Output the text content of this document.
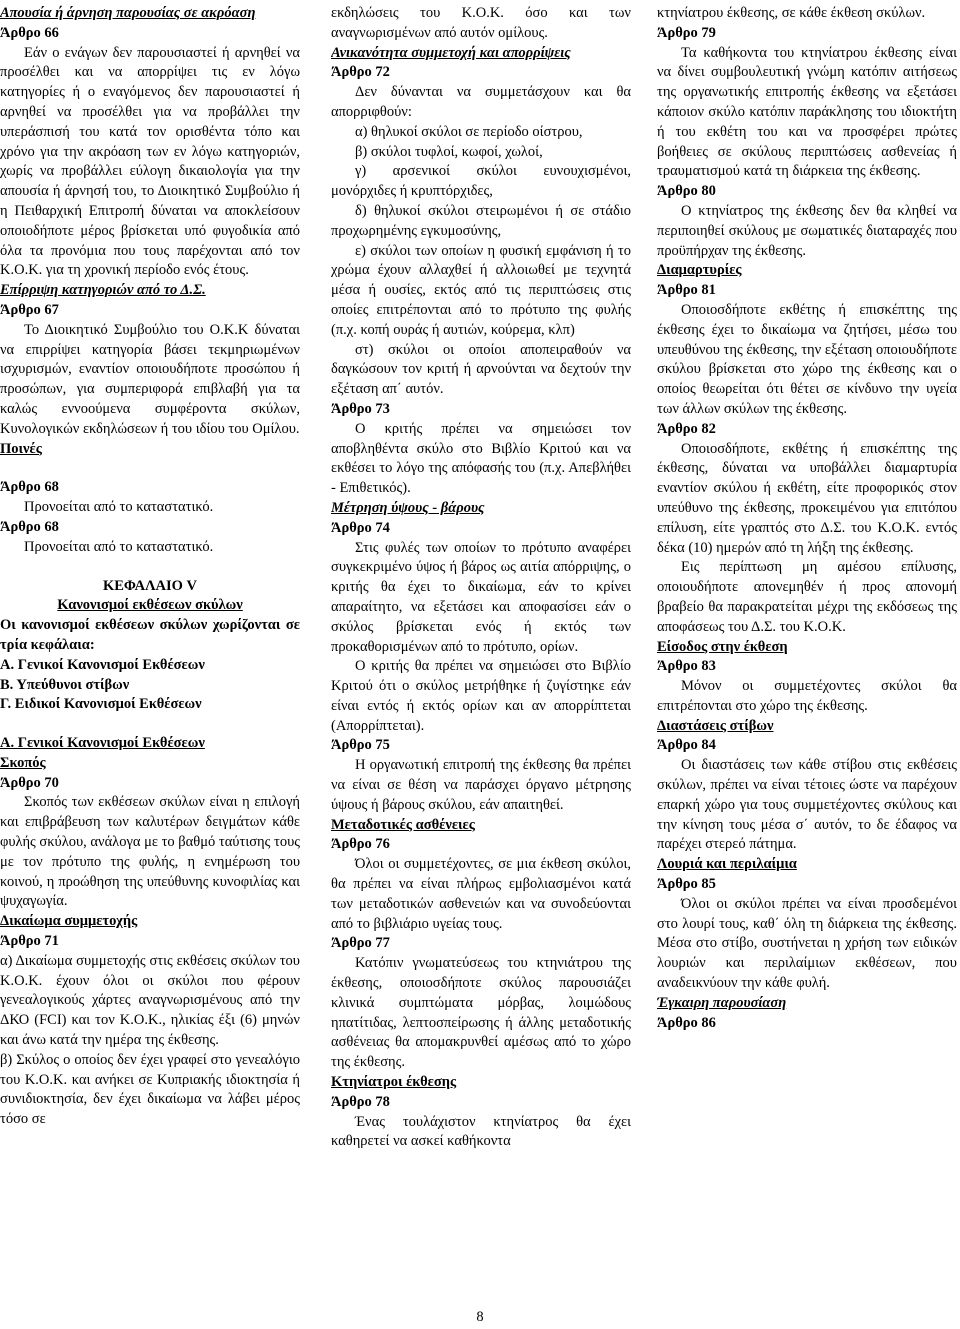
Απουσία ή άρνηση παρουσίας σε ακρόαση

Άρθρο 66

Εάν ο ενάγων δεν παρουσιαστεί ή αρνηθεί να προσέλθει και να απορρίψει τις εν λόγω κατηγορίες ή ο εναγόμενος δεν παρουσιαστεί ή αρνηθεί να προσέλθει για να προβάλλει την υπεράσπισή του κατά τον ορισθέντα τόπο και χρόνο για την ακρόαση των εν λόγω κατηγοριών, χωρίς να προβάλλει εύλογη δικαιολογία για την απουσία ή άρνησή του, το Διοικητικό Συμβούλιο ή η Πειθαρχική Επιτροπή δύναται να αποκλείσουν οποιοδήποτε μέρος βρίσκεται υπό φυγοδικία από όλα τα προνόμια που τους παρέχονται από τον Κ.Ο.Κ. για τη χρονική περίοδο ενός έτους.

Επίρριψη κατηγοριών από το Δ.Σ.

Άρθρο 67

Το Διοικητικό Συμβούλιο του Ο.Κ.Κ δύναται να επιρρίψει κατηγορία βάσει τεκμηριωμένων ισχυρισμών, εναντίον οποιουδήποτε προσώπου ή προσώπων, για συμπεριφορά επιβλαβή για τα καλώς εννοούμενα συμφέροντα σκύλων, Κυνολογικών εκδηλώσεων ή του ιδίου του Ομίλου.

Ποινές

Άρθρο 68

Προνοείται από το καταστατικό.

Άρθρο 68

Προνοείται από το καταστατικό.

ΚΕΦΑΛΑΙΟ V

Κανονισμοί εκθέσεων σκύλων

Οι κανονισμοί εκθέσεων σκύλων χωρίζονται σε τρία κεφάλαια:

Α. Γενικοί Κανονισμοί Εκθέσεων

Β. Υπεύθυνοι στίβων

Γ. Ειδικοί Κανονισμοί Εκθέσεων

Α. Γενικοί Κανονισμοί Εκθέσεων

Σκοπός

Άρθρο 70

Σκοπός των εκθέσεων σκύλων είναι η επιλογή και επιβράβευση των καλυτέρων δειγμάτων κάθε φυλής σκύλου, ανάλογα με το βαθμό ταύτισης τους με τον πρότυπο της φυλής, η ενημέρωση του κοινού, η προώθηση της υπεύθυνης κυνοφιλίας και ψυχαγωγία.

Δικαίωμα συμμετοχής

Άρθρο 71

α) Δικαίωμα συμμετοχής στις εκθέσεις σκύλων του Κ.Ο.Κ. έχουν όλοι οι σκύλοι που φέρουν γενεαλογικούς χάρτες αναγνωρισμένους από την ΔΚΟ (FCI) και τον Κ.Ο.Κ., ηλικίας έξι (6) μηνών και άνω κατά την ημέρα της έκθεσης.

β) Σκύλος ο οποίος δεν έχει γραφεί στο γενεαλόγιο του Κ.Ο.Κ. και ανήκει σε Κυπριακής ιδιοκτησία ή συνιδιοκτησία, δεν έχει δικαίωμα να λάβει μέρος τόσο σε

εκδηλώσεις του Κ.Ο.Κ. όσο και των αναγνωρισμένων από αυτόν ομίλους.

Ανικανότητα συμμετοχή και απορρίψεις

Άρθρο 72

Δεν δύνανται να συμμετάσχουν και θα απορριφθούν:

α) θηλυκοί σκύλοι σε περίοδο οίστρου,

β) σκύλοι τυφλοί, κωφοί, χωλοί,

γ) αρσενικοί σκύλοι ευνουχισμένοι, μονόρχιδες ή κρυπτόρχιδες,

δ) θηλυκοί σκύλοι στειρωμένοι ή σε στάδιο προχωρημένης εγκυμοσύνης,

ε) σκύλοι των οποίων η φυσική εμφάνιση ή το χρώμα έχουν αλλαχθεί ή αλλοιωθεί με τεχνητά μέσα ή ουσίες, εκτός από τις περιπτώσεις στις οποίες επιτρέπονται από το πρότυπο της φυλής (π.χ. κοπή ουράς ή αυτιών, κούρεμα, κλπ)

στ) σκύλοι οι οποίοι αποπειραθούν να δαγκώσουν τον κριτή ή αρνούνται να δεχτούν την εξέταση απ΄ αυτόν.

Άρθρο 73

Ο κριτής πρέπει να σημειώσει τον αποβληθέντα σκύλο στο Βιβλίο Κριτού και να εκθέσει το λόγο της απόφασής του (π.χ. Απεβλήθει - Επιθετικός).

Μέτρηση ύψους - βάρους

Άρθρο 74

Στις φυλές των οποίων το πρότυπο αναφέρει συγκεκριμένο ύψος ή βάρος ως αιτία απόρριψης, ο κριτής θα έχει το δικαίωμα, εάν το κρίνει απαραίτητο, να εξετάσει και αποφασίσει εάν ο σκύλος βρίσκεται ενός ή εκτός των προκαθορισμένων από το πρότυπο, ορίων.

Ο κριτής θα πρέπει να σημειώσει στο Βιβλίο Κριτού ότι ο σκύλος μετρήθηκε ή ζυγίστηκε εάν είναι εντός ή εκτός ορίων και αν απορρίπτεται (Απορρίπτεται).

Άρθρο 75

Η οργανωτική επιτροπή της έκθεσης θα πρέπει να είναι σε θέση να παράσχει όργανο μέτρησης ύψους ή βάρους σκύλου, εάν απαιτηθεί.

Μεταδοτικές ασθένειες

Άρθρο 76

Όλοι οι συμμετέχοντες, σε μια έκθεση σκύλοι, θα πρέπει να είναι πλήρως εμβολιασμένοι κατά των μεταδοτικών ασθενειών και να συνοδεύονται από το βιβλιάριο υγείας τους.

Άρθρο 77

Κατόπιν γνωματεύσεως του κτηνιάτρου της έκθεσης, οποιοσδήποτε σκύλος παρουσιάζει κλινικά συμπτώματα μόρβας, λοιμώδους ηπατίτιδας, λεπτοσπείρωσης ή άλλης μεταδοτικής ασθένειας θα απομακρυνθεί αμέσως από το χώρο της έκθεσης.

Κτηνίατροι έκθεσης

Άρθρο 78

Ένας τουλάχιστον κτηνίατρος θα έχει καθηρετεί να ασκεί καθήκοντα

κτηνίατρου έκθεσης, σε κάθε έκθεση σκύλων.

Άρθρο 79

Τα καθήκοντα του κτηνίατρου έκθεσης είναι να δίνει συμβουλευτική γνώμη κατόπιν αιτήσεως της οργανωτικής επιτροπής έκθεσης να εξετάσει κάποιον σκύλο κατόπιν παράκλησης του ιδιοκτήτη ή του εκθέτη του και να προσφέρει πρώτες βοήθειες σε σκύλους περιπτώσεις ασθενείας ή τραυματισμού κατά τη διάρκεια της έκθεσης.

Άρθρο 80

Ο κτηνίατρος της έκθεσης δεν θα κληθεί να περιποιηθεί σκύλους με σωματικές διαταραχές που προϋπήρχαν της έκθεσης.

Διαμαρτυρίες

Άρθρο 81

Οποιοσδήποτε εκθέτης ή επισκέπτης της έκθεσης έχει το δικαίωμα να ζητήσει, μέσω του υπευθύνου της έκθεσης, την εξέταση οποιουδήποτε σκύλου βρίσκεται στο χώρο της έκθεσης και ο οποίος θεωρείται ότι θέτει σε κίνδυνο την υγεία των άλλων σκύλων της έκθεσης.

Άρθρο 82

Οποιοσδήποτε, εκθέτης ή επισκέπτης της έκθεσης, δύναται να υποβάλλει διαμαρτυρία εναντίον σκύλου ή εκθέτη, είτε προφορικός στον υπεύθυνο της έκθεσης, προκειμένου για επιτόπου επίλυση, είτε γραπτός στο Δ.Σ. του Κ.Ο.Κ. εντός δέκα (10) ημερών από τη λήξη της έκθεσης.

Εις περίπτωση μη αμέσου επίλυσης, οποιουδήποτε απονεμηθέν ή προς απονομή βραβείο θα παρακρατείται μέχρι της εκδόσεως της αποφάσεως του Δ.Σ. του Κ.Ο.Κ.

Είσοδος στην έκθεση

Άρθρο 83

Μόνον οι συμμετέχοντες σκύλοι θα επιτρέπονται στο χώρο της έκθεσης.

Διαστάσεις στίβων

Άρθρο 84

Οι διαστάσεις των κάθε στίβου στις εκθέσεις σκύλων, πρέπει να είναι τέτοιες ώστε να παρέχουν επαρκή χώρο για τους συμμετέχοντες σκύλους και την κίνηση τους μέσα σ΄ αυτόν, το δε έδαφος να παρέχει στερεό πάτημα.

Λουριά και περιλαίμια

Άρθρο 85

Όλοι οι σκύλοι πρέπει να είναι προσδεμένοι στο λουρί τους, καθ΄ όλη τη διάρκεια της έκθεσης. Μέσα στο στίβο, συστήνεται η χρήση των ειδικών λουριών και περιλαίμιων εκθέσεων, που αναδεικνύουν την κάθε φυλή.

Έγκαιρη παρουσίαση

Άρθρο 86

8
